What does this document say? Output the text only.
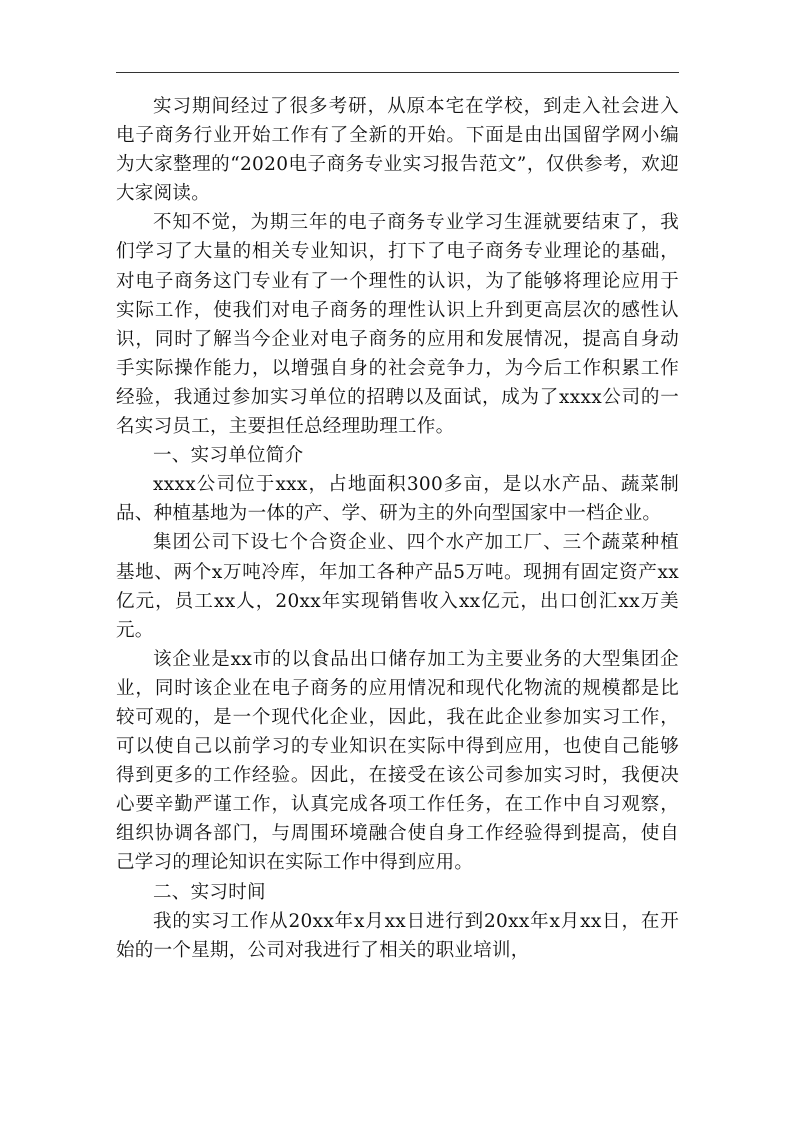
实习期间经过了很多考研，从原本宅在学校，到走入社会进入电子商务行业开始工作有了全新的开始。下面是由出国留学网小编为大家整理的“2020电子商务专业实习报告范文”，仅供参考，欢迎大家阅读。

不知不觉，为期三年的电子商务专业学习生涯就要结束了，我们学习了大量的相关专业知识，打下了电子商务专业理论的基础，对电子商务这门专业有了一个理性的认识，为了能够将理论应用于实际工作，使我们对电子商务的理性认识上升到更高层次的感性认识，同时了解当今企业对电子商务的应用和发展情况，提高自身动手实际操作能力，以增强自身的社会竞争力，为今后工作积累工作经验，我通过参加实习单位的招聘以及面试，成为了xxxx公司的一名实习员工，主要担任总经理助理工作。

一、实习单位简介

xxxx公司位于xxx，占地面积300多亩，是以水产品、蔬菜制品、种植基地为一体的产、学、研为主的外向型国家中一档企业。

集团公司下设七个合资企业、四个水产加工厂、三个蔬菜种植基地、两个x万吨冷库，年加工各种产品5万吨。现拥有固定资产xx亿元，员工xx人，20xx年实现销售收入xx亿元，出口创汇xx万美元。

该企业是xx市的以食品出口储存加工为主要业务的大型集团企业，同时该企业在电子商务的应用情况和现代化物流的规模都是比较可观的，是一个现代化企业，因此，我在此企业参加实习工作，可以使自己以前学习的专业知识在实际中得到应用，也使自己能够得到更多的工作经验。因此，在接受在该公司参加实习时，我便决心要辛勤严谨工作，认真完成各项工作任务，在工作中自习观察，组织协调各部门，与周围环境融合使自身工作经验得到提高，使自己学习的理论知识在实际工作中得到应用。

二、实习时间

我的实习工作从20xx年x月xx日进行到20xx年x月xx日，在开始的一个星期，公司对我进行了相关的职业培训，
